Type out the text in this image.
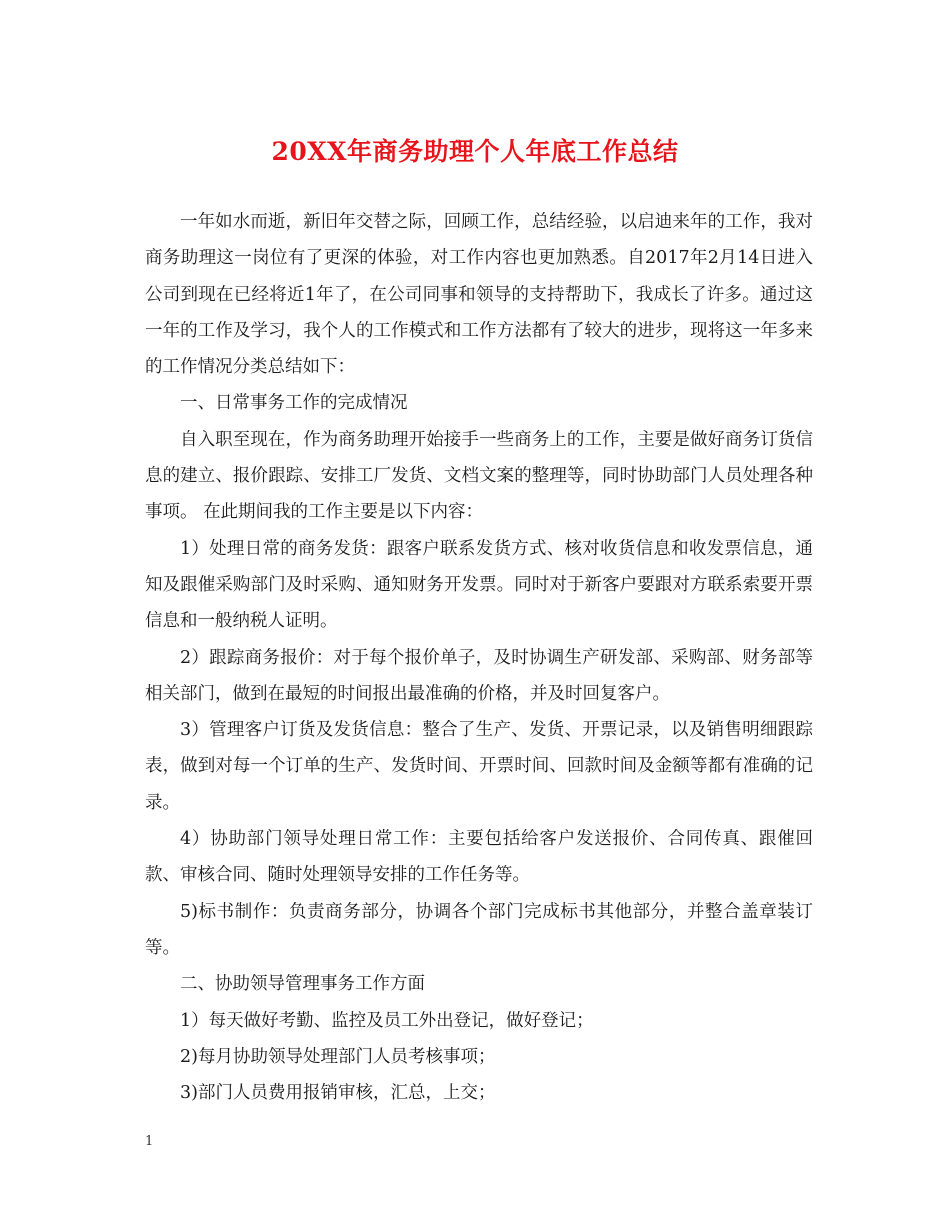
20XX年商务助理个人年底工作总结

一年如水而逝，新旧年交替之际，回顾工作，总结经验，以启迪来年的工作，我对商务助理这一岗位有了更深的体验，对工作内容也更加熟悉。自2017年2月14日进入公司到现在已经将近1年了，在公司同事和领导的支持帮助下，我成长了许多。通过这一年的工作及学习，我个人的工作模式和工作方法都有了较大的进步，现将这一年多来的工作情况分类总结如下：

一、日常事务工作的完成情况

自入职至现在，作为商务助理开始接手一些商务上的工作，主要是做好商务订货信息的建立、报价跟踪、安排工厂发货、文档文案的整理等，同时协助部门人员处理各种事项。 在此期间我的工作主要是以下内容：

1）处理日常的商务发货：跟客户联系发货方式、核对收货信息和收发票信息，通知及跟催采购部门及时采购、通知财务开发票。同时对于新客户要跟对方联系索要开票信息和一般纳税人证明。

2）跟踪商务报价：对于每个报价单子，及时协调生产研发部、采购部、财务部等相关部门，做到在最短的时间报出最准确的价格，并及时回复客户。

3）管理客户订货及发货信息：整合了生产、发货、开票记录，以及销售明细跟踪表，做到对每一个订单的生产、发货时间、开票时间、回款时间及金额等都有准确的记录。

4）协助部门领导处理日常工作：主要包括给客户发送报价、合同传真、跟催回款、审核合同、随时处理领导安排的工作任务等。

5)标书制作：负责商务部分，协调各个部门完成标书其他部分，并整合盖章装订等。

二、协助领导管理事务工作方面

1）每天做好考勤、监控及员工外出登记，做好登记；

2)每月协助领导处理部门人员考核事项；

3)部门人员费用报销审核，汇总，上交；

1
